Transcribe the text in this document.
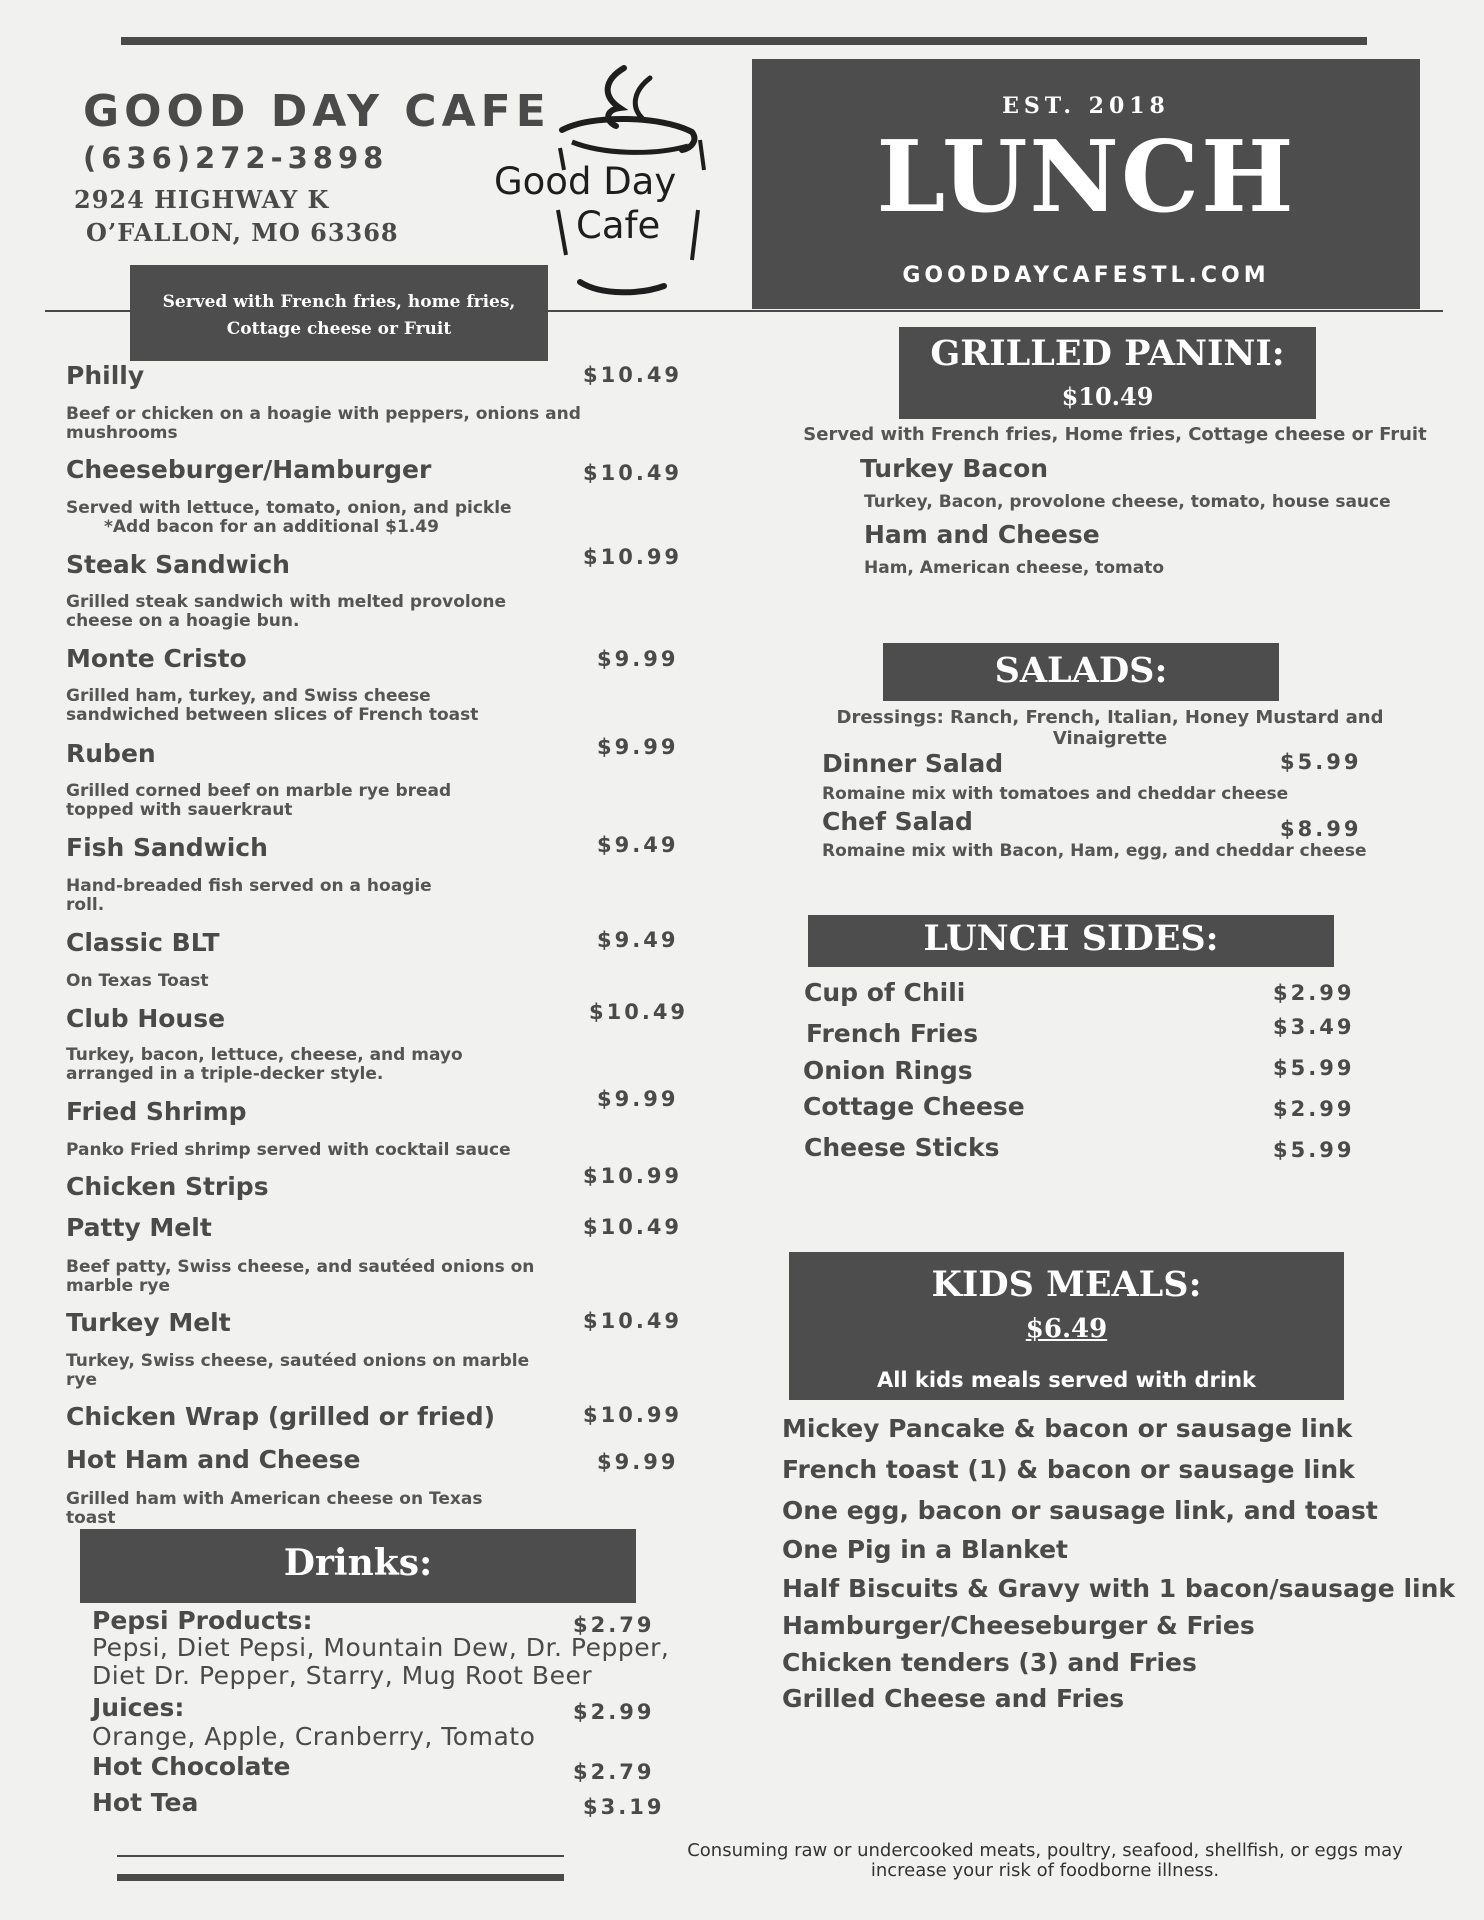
GOOD DAY CAFE
(636)272-3898
2924 HIGHWAY K
O’FALLON, MO 63368
Good Day
Cafe
EST. 2018
LUNCH
GOODDAYCAFESTL.COM
Served with French fries, home fries,
Cottage cheese or Fruit
Philly	$10.49
Beef or chicken on a hoagie with peppers, onions and
mushrooms
Cheeseburger/Hamburger	$10.49
Served with lettuce, tomato, onion, and pickle
*Add bacon for an additional $1.49
Steak Sandwich	$10.99
Grilled steak sandwich with melted provolone
cheese on a hoagie bun.
Monte Cristo	$9.99
Grilled ham, turkey, and Swiss cheese
sandwiched between slices of French toast
Ruben	$9.99
Grilled corned beef on marble rye bread
topped with sauerkraut
Fish Sandwich	$9.49
Hand-breaded fish served on a hoagie
roll.
Classic BLT	$9.49
On Texas Toast
Club House	$10.49
Turkey, bacon, lettuce, cheese, and mayo
arranged in a triple-decker style.
Fried Shrimp	$9.99
Panko Fried shrimp served with cocktail sauce
Chicken Strips	$10.99
Patty Melt	$10.49
Beef patty, Swiss cheese, and sautéed onions on
marble rye
Turkey Melt	$10.49
Turkey, Swiss cheese, sautéed onions on marble
rye
Chicken Wrap (grilled or fried)	$10.99
Hot Ham and Cheese	$9.99
Grilled ham with American cheese on Texas
toast
Drinks:
Pepsi Products:	$2.79
Pepsi, Diet Pepsi, Mountain Dew, Dr. Pepper,
Diet Dr. Pepper, Starry, Mug Root Beer
Juices:	$2.99
Orange, Apple, Cranberry, Tomato
Hot Chocolate	$2.79
Hot Tea	$3.19
GRILLED PANINI:
$10.49
Served with French fries, Home fries, Cottage cheese or Fruit
Turkey Bacon
Turkey, Bacon, provolone cheese, tomato, house sauce
Ham and Cheese
Ham, American cheese, tomato
SALADS:
Dressings: Ranch, French, Italian, Honey Mustard and Vinaigrette
Dinner Salad	$5.99
Romaine mix with tomatoes and cheddar cheese
Chef Salad	$8.99
Romaine mix with Bacon, Ham, egg, and cheddar cheese
LUNCH SIDES:
Cup of Chili	$2.99
French Fries	$3.49
Onion Rings	$5.99
Cottage Cheese	$2.99
Cheese Sticks	$5.99
KIDS MEALS:
$6.49
All kids meals served with drink
Mickey Pancake & bacon or sausage link
French toast (1) & bacon or sausage link
One egg, bacon or sausage link, and toast
One Pig in a Blanket
Half Biscuits & Gravy with 1 bacon/sausage link
Hamburger/Cheeseburger & Fries
Chicken tenders (3) and Fries
Grilled Cheese and Fries
Consuming raw or undercooked meats, poultry, seafood, shellfish, or eggs may
increase your risk of foodborne illness.
